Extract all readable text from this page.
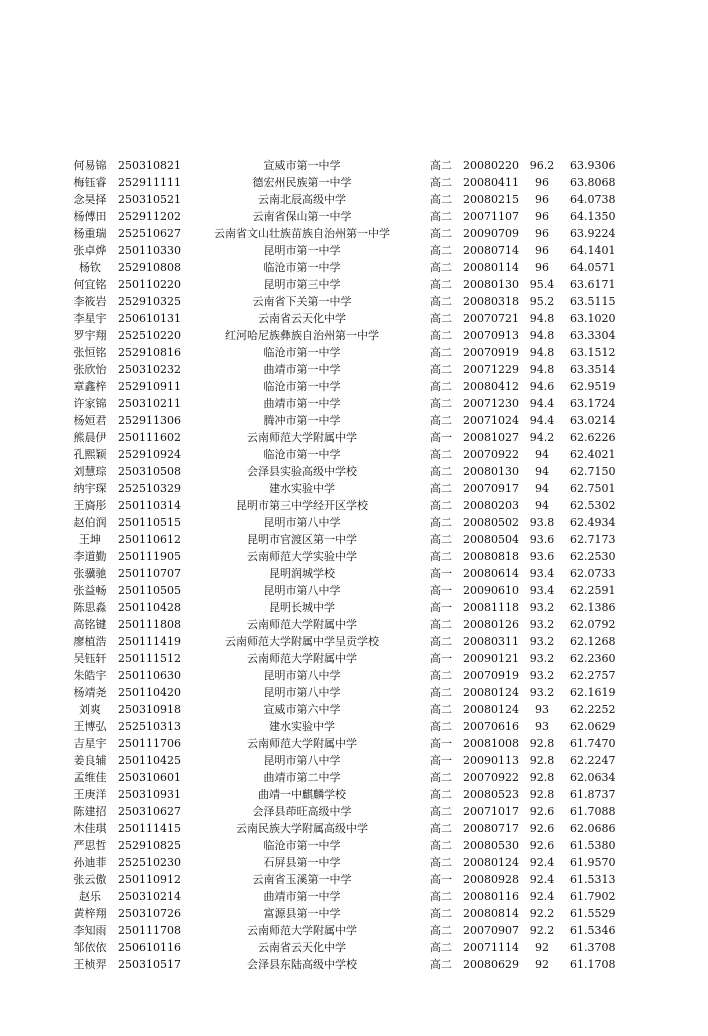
何易锦	250310821	宣威市第一中学	高二	20080220 96.2	63.9306
梅钰睿	252911111	德宏州民族第一中学	高二	20080411	96	63.8068
念昊择	250310521	云南北辰高级中学	高二	20080215	96	64.0738
杨傅田	252911202	云南省保山第一中学	高二	20071107	96	64.1350
杨重瑞	252510627	云南省文山壮族苗族自治州第一中学	高二	20090709	96	63.9224
张卓烨	250110330	昆明市第一中学	高二	20080714	96	64.1401
杨钦	252910808	临沧市第一中学	高二	20080114	96	64.0571
何宜铭	250110220	昆明市第三中学	高二	20080130 95.4	63.6171
李筱岩	252910325	云南省下关第一中学	高二	20080318 95.2	63.5115
李星宇	250610131	云南省云天化中学	高二	20070721 94.8	63.1020
罗宇翔	252510220	红河哈尼族彝族自治州第一中学	高二	20070913 94.8	63.3304
张恒铭	252910816	临沧市第一中学	高二	20070919 94.8	63.1512
张欣怡	250310232	曲靖市第一中学	高二	20071229 94.8	63.3514
章鑫梓	252910911	临沧市第一中学	高二	20080412 94.6	62.9519
许家锦	250310211	曲靖市第一中学	高二	20071230 94.4	63.1724
杨姮君	252911306	腾冲市第一中学	高二	20071024 94.4	63.0214
熊晨伊	250111602	云南师范大学附属中学	高一	20081027 94.2	62.6226
孔熙颖	252910924	临沧市第一中学	高二	20070922	94	62.4021
刘慧琮	250310508	会泽县实验高级中学校	高二	20080130	94	62.7150
纳宇琛	252510329	建水实验中学	高二	20070917	94	62.7501
王旖彤	250110314	昆明市第三中学经开区学校	高二	20080203	94	62.5302
赵伯润	250110515	昆明市第八中学	高二	20080502 93.8	62.4934
王坤	250110612	昆明市官渡区第一中学	高二	20080504 93.6	62.7173
李道勤	250111905	云南师范大学实验中学	高二	20080818 93.6	62.2530
张骥驰	250110707	昆明润城学校	高一	20080614 93.4	62.0733
张益畅	250110505	昆明市第八中学	高一	20090610 93.4	62.2591
陈思淼	250110428	昆明长城中学	高一	20081118 93.2	62.1386
高铭键	250111808	云南师范大学附属中学	高二	20080126 93.2	62.0792
廖植浩	250111419	云南师范大学附属中学呈贡学校	高二	20080311 93.2	62.1268
吴钰轩	250111512	云南师范大学附属中学	高一	20090121 93.2	62.2360
朱皓宇	250110630	昆明市第八中学	高二	20070919 93.2	62.2757
杨靖尧	250110420	昆明市第八中学	高二	20080124 93.2	62.1619
刘爽	250310918	宣威市第六中学	高二	20080124	93	62.2252
王博弘	252510313	建水实验中学	高二	20070616	93	62.0629
吉星宇	250111706	云南师范大学附属中学	高一	20081008 92.8	61.7470
姜良辅	250110425	昆明市第八中学	高一	20090113 92.8	62.2247
孟维佳	250310601	曲靖市第二中学	高二	20070922 92.8	62.0634
王庚洋	250310931	曲靖一中麒麟学校	高二	20080523 92.8	61.8737
陈建招	250310627	会泽县茚旺高级中学	高二	20071017 92.6	61.7088
木佳琪	250111415	云南民族大学附属高级中学	高二	20080717 92.6	62.0686
严思哲	252910825	临沧市第一中学	高二	20080530 92.6	61.5380
孙迪菲	252510230	石屏县第一中学	高二	20080124 92.4	61.9570
张云傲	250110912	云南省玉溪第一中学	高一	20080928 92.4	61.5313
赵乐	250310214	曲靖市第一中学	高二	20080116 92.4	61.7902
黄梓翔	250310726	富源县第一中学	高二	20080814 92.2	61.5529
李知雨	250111708	云南师范大学附属中学	高二	20070907 92.2	61.5346
邹依依	250610116	云南省云天化中学	高二	20071114	92	61.3708
王桢羿	250310517	会泽县东陆高级中学校	高二	20080629	92	61.1708
